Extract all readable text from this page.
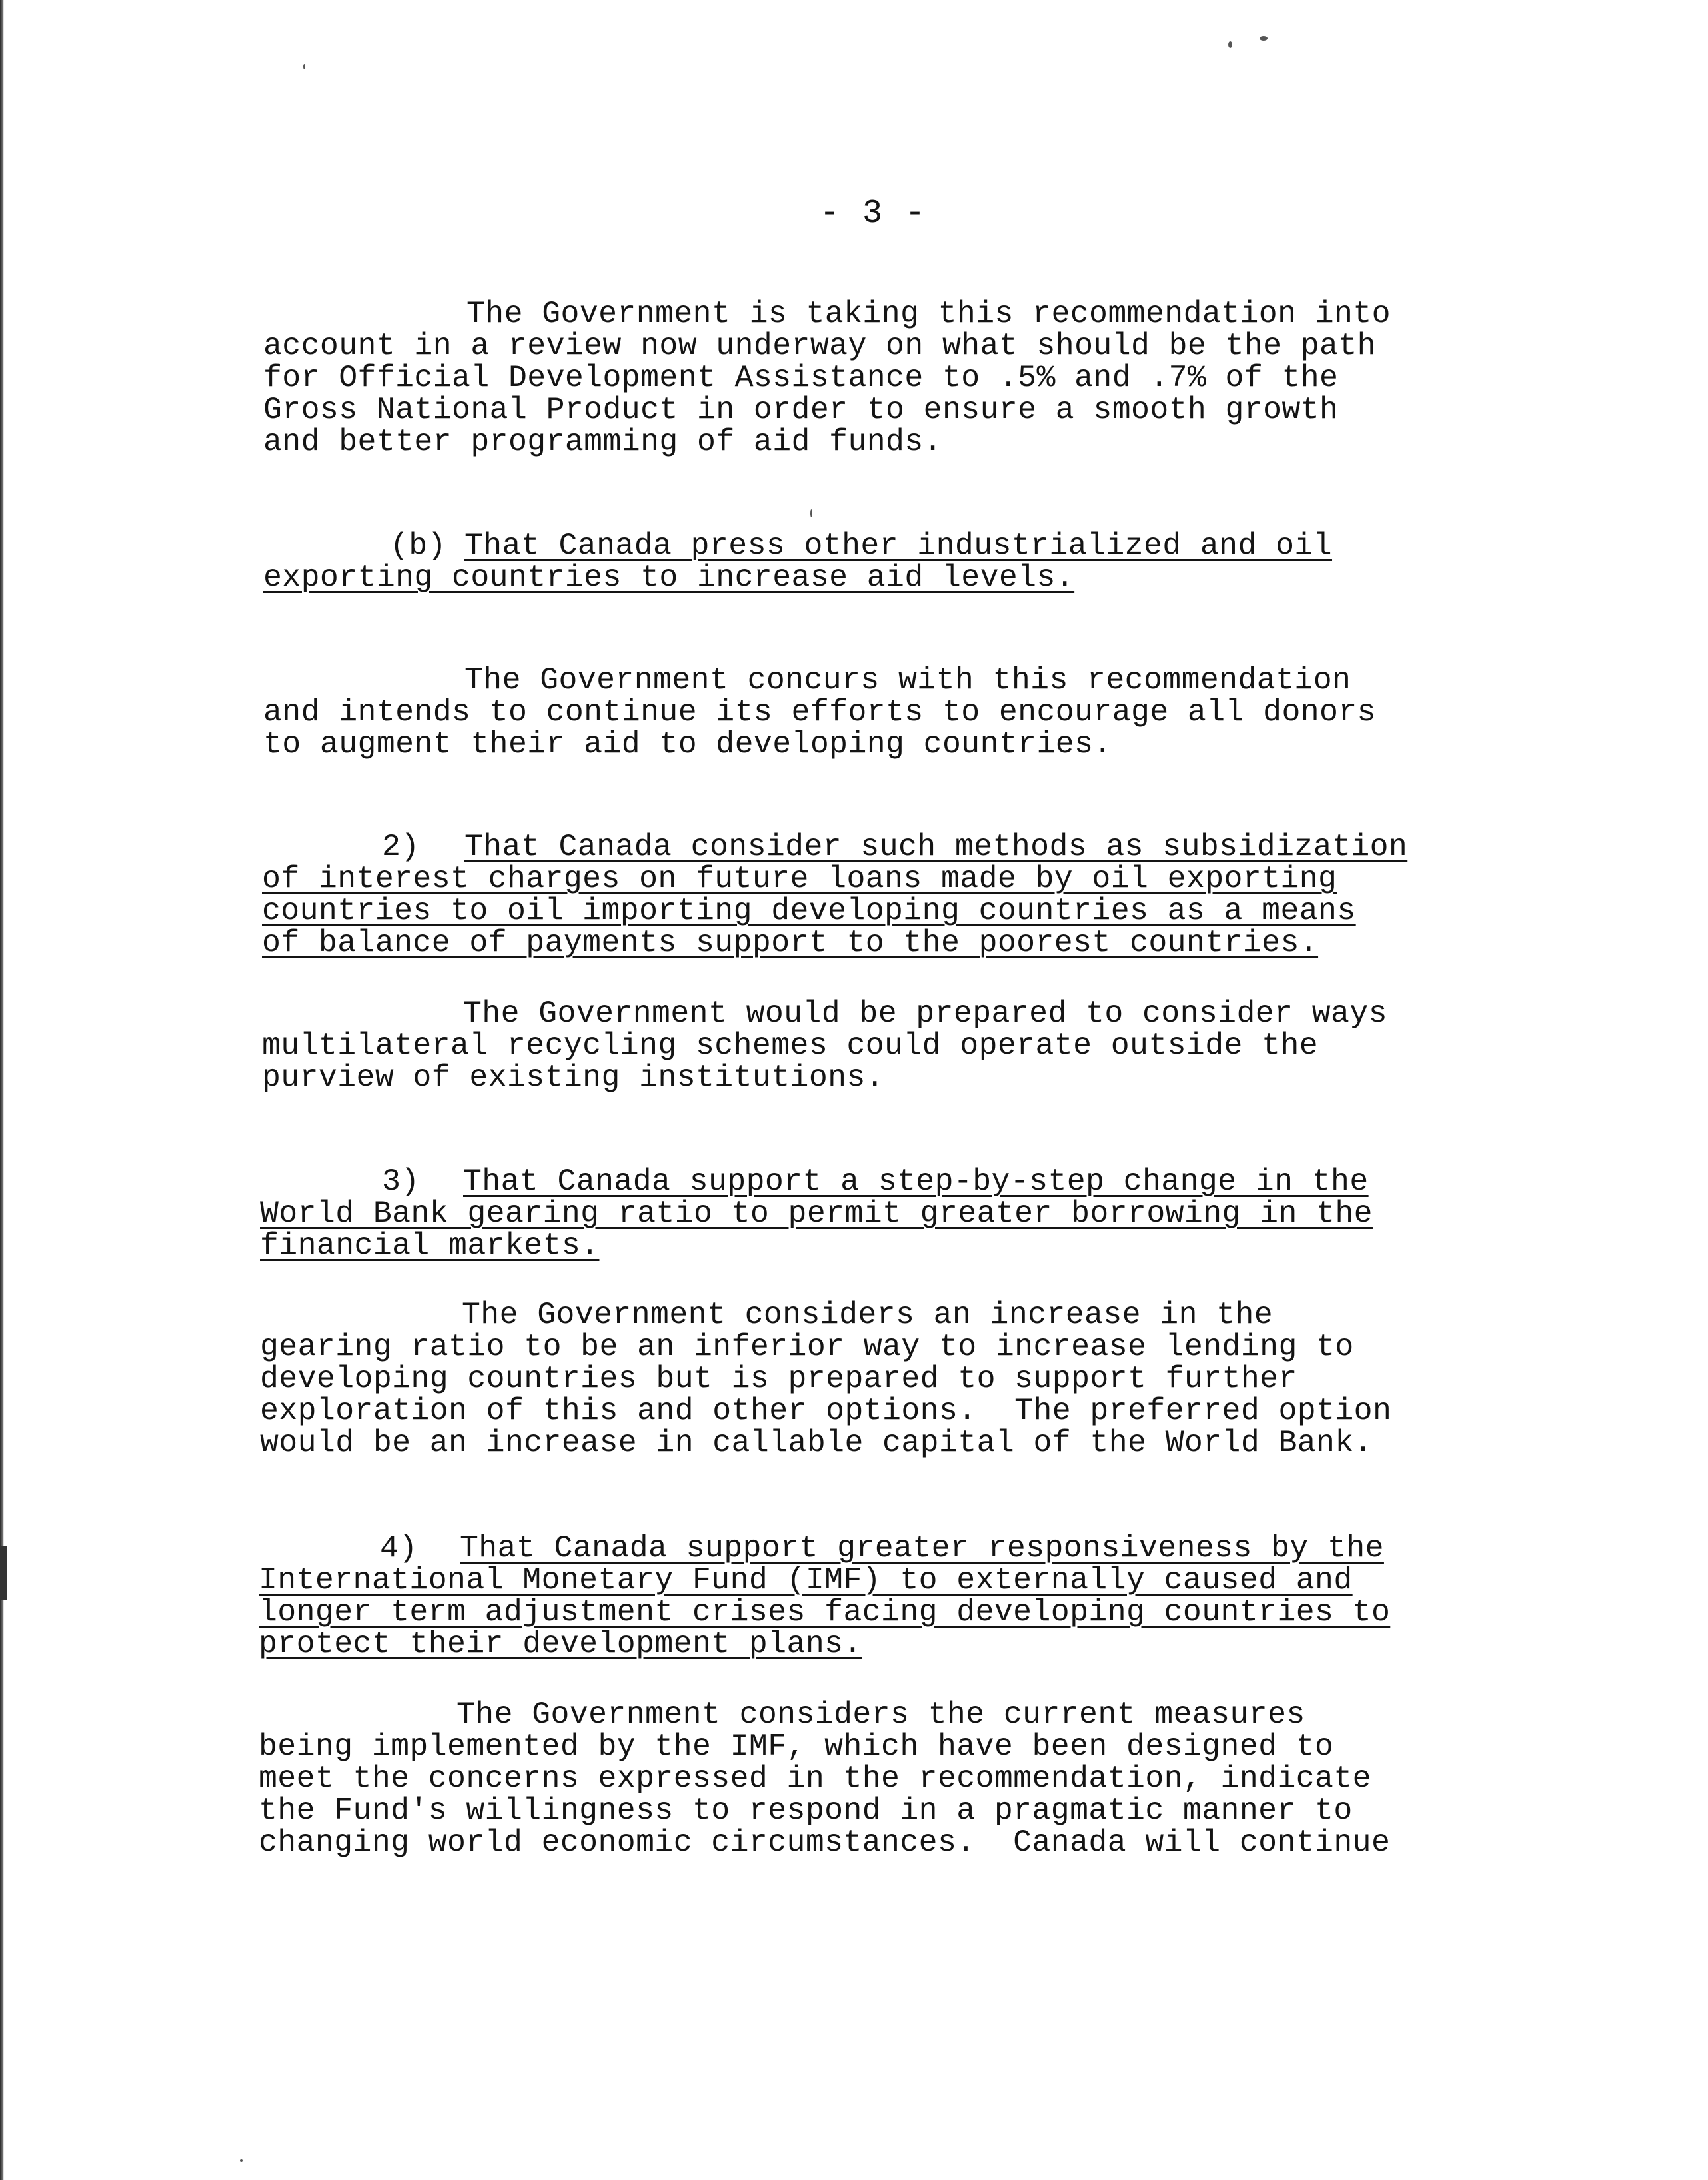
- 3 -
The Government is taking this recommendation into
account in a review now underway on what should be the path
for Official Development Assistance to .5% and .7% of the
Gross National Product in order to ensure a smooth growth
and better programming of aid funds.
(b) That Canada press other industrialized and oil
exporting countries to increase aid levels.
The Government concurs with this recommendation
and intends to continue its efforts to encourage all donors
to augment their aid to developing countries.
2) That Canada consider such methods as subsidization
of interest charges on future loans made by oil exporting
countries to oil importing developing countries as a means
of balance of payments support to the poorest countries.
The Government would be prepared to consider ways
multilateral recycling schemes could operate outside the
purview of existing institutions.
3) That Canada support a step-by-step change in the
World Bank gearing ratio to permit greater borrowing in the
financial markets.
The Government considers an increase in the
gearing ratio to be an inferior way to increase lending to
developing countries but is prepared to support further
exploration of this and other options.  The preferred option
would be an increase in callable capital of the World Bank.
4) That Canada support greater responsiveness by the
International Monetary Fund (IMF) to externally caused and
longer term adjustment crises facing developing countries to
protect their development plans.
The Government considers the current measures
being implemented by the IMF, which have been designed to
meet the concerns expressed in the recommendation, indicate
the Fund's willingness to respond in a pragmatic manner to
changing world economic circumstances.  Canada will continue
